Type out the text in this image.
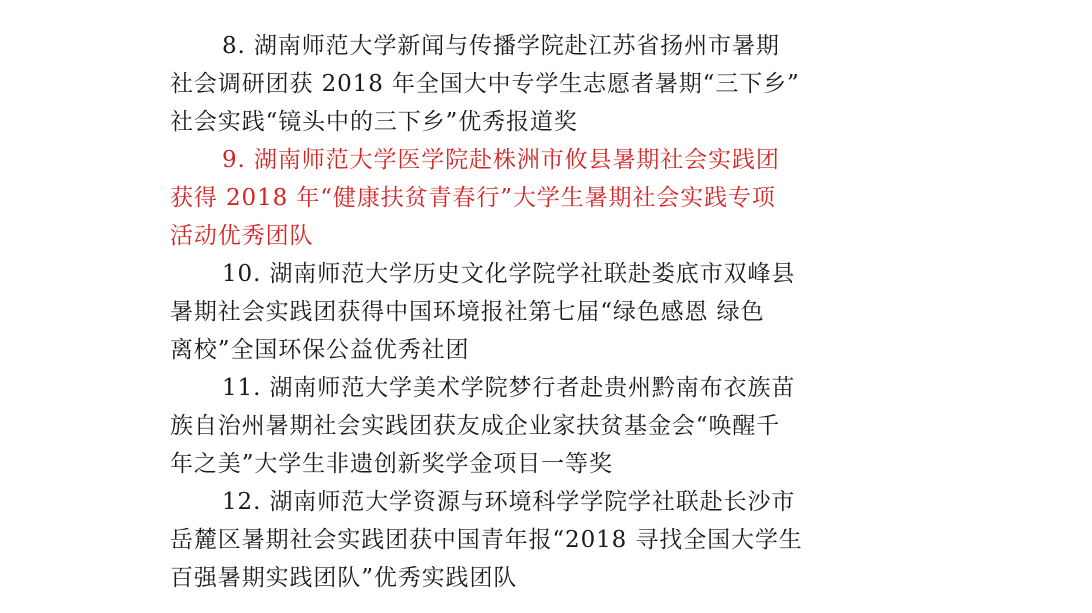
8. 湖南师范大学新闻与传播学院赴江苏省扬州市暑期
社会调研团获 2018 年全国大中专学生志愿者暑期“三下乡”
社会实践“镜头中的三下乡”优秀报道奖
9. 湖南师范大学医学院赴株洲市攸县暑期社会实践团
获得 2018 年“健康扶贫青春行”大学生暑期社会实践专项
活动优秀团队
10. 湖南师范大学历史文化学院学社联赴娄底市双峰县
暑期社会实践团获得中国环境报社第七届“绿色感恩 绿色
离校”全国环保公益优秀社团
11. 湖南师范大学美术学院梦行者赴贵州黔南布衣族苗
族自治州暑期社会实践团获友成企业家扶贫基金会“唤醒千
年之美”大学生非遗创新奖学金项目一等奖
12. 湖南师范大学资源与环境科学学院学社联赴长沙市
岳麓区暑期社会实践团获中国青年报“2018 寻找全国大学生
百强暑期实践团队”优秀实践团队
